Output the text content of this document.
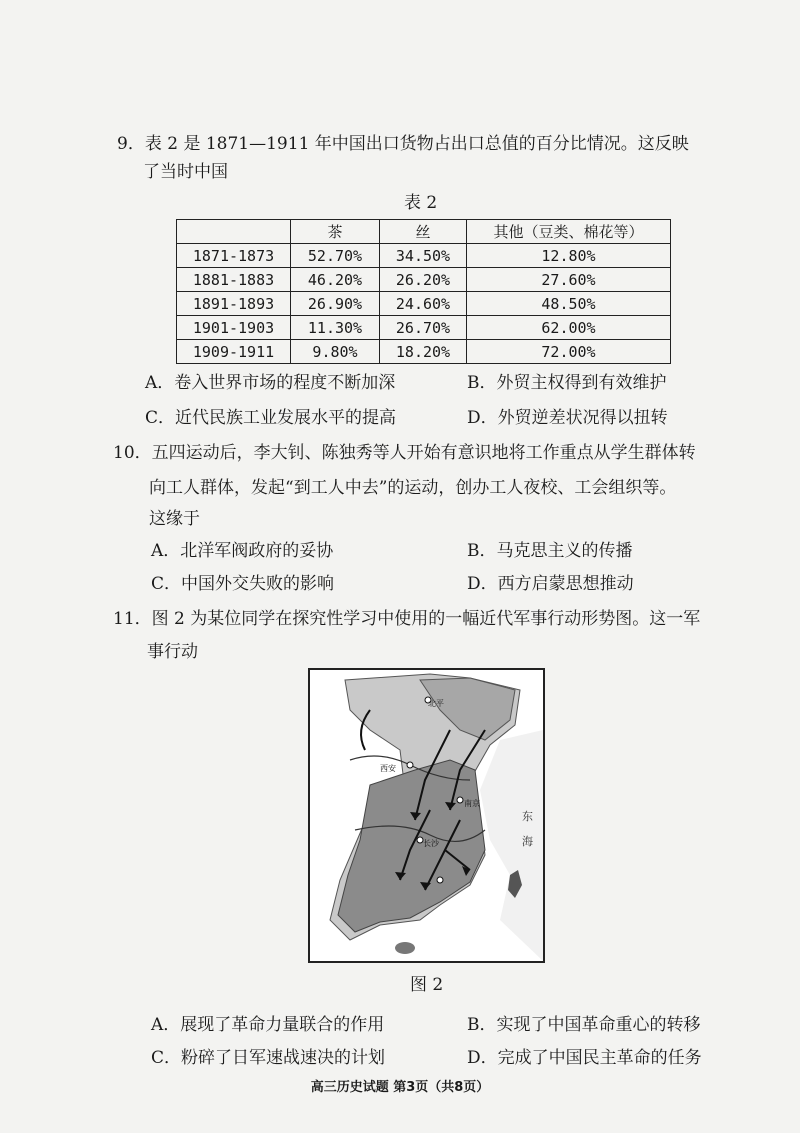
9．表 2 是 1871—1911 年中国出口货物占出口总值的百分比情况。这反映
了当时中国
表 2
	茶	丝	其他（豆类、棉花等）
1871-1873	52.70%	34.50%	12.80%
1881-1883	46.20%	26.20%	27.60%
1891-1893	26.90%	24.60%	48.50%
1901-1903	11.30%	26.70%	62.00%
1909-1911	9.80%	18.20%	72.00%
A．卷入世界市场的程度不断加深	B．外贸主权得到有效维护
C．近代民族工业发展水平的提高	D．外贸逆差状况得以扭转
10．五四运动后，李大钊、陈独秀等人开始有意识地将工作重点从学生群体转
向工人群体，发起“到工人中去”的运动，创办工人夜校、工会组织等。
这缘于
A．北洋军阀政府的妥协	B．马克思主义的传播
C．中国外交失败的影响	D．西方启蒙思想推动
11．图 2 为某位同学在探究性学习中使用的一幅近代军事行动形势图。这一军
事行动
北平
西安
南京
长沙
东
海
图 2
A．展现了革命力量联合的作用	B．实现了中国革命重心的转移
C．粉碎了日军速战速决的计划	D．完成了中国民主革命的任务
高三历史试题 第3页（共8页）
